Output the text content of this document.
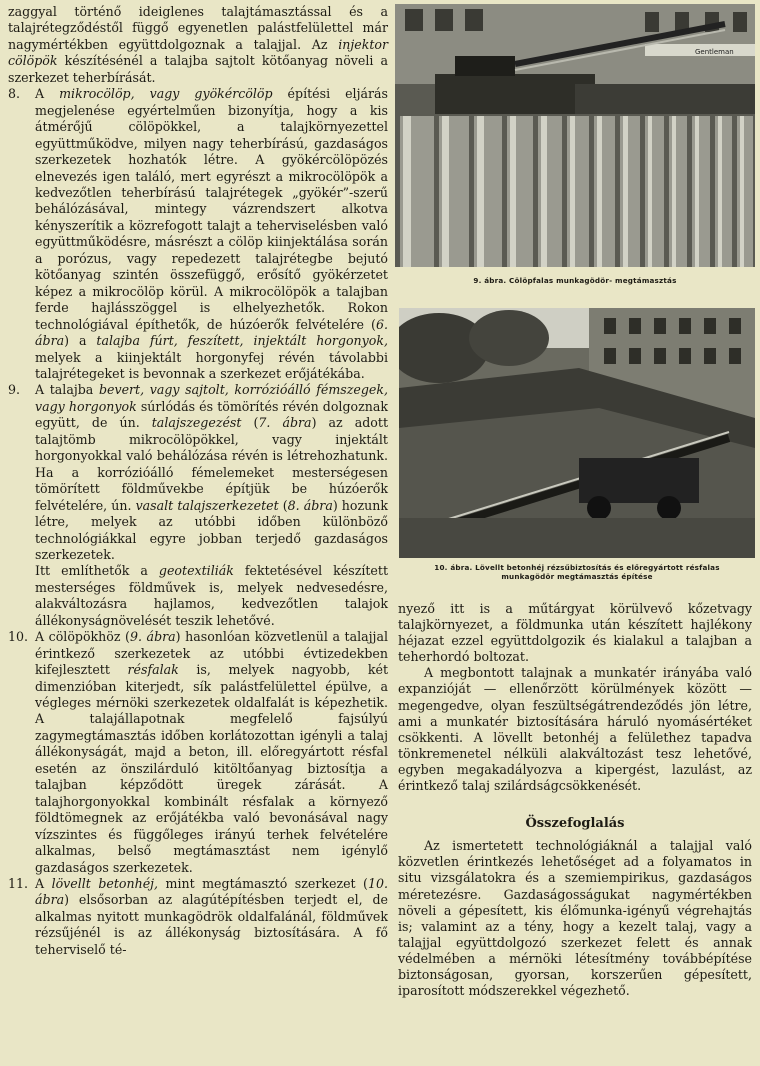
zaggyal történő ideiglenes talajtámasztással és a talajrétegződéstől függő egyenetlen palástfelülettel már nagymértékben együttdolgoznak a talajjal. Az injektor cölöpök készítésénél a talajba sajtolt kötőanyag növeli a szerkezet teherbírását.

8. A mikrocölöp, vagy gyökércölöp építési eljárás megjelenése egyértelműen bizonyítja, hogy a kis átmérőjű cölöpökkel, a talajkörnyezettel együttműködve, milyen nagy teherbírású, gazdaságos szerkezetek hozhatók létre. A gyökércölöpözés elnevezés igen találó, mert egyrészt a mikrocölöpök a kedvezőtlen teherbírású talajrétegek „gyökér”-szerű behálózásával, mintegy vázrendszert alkotva kényszerítik a közrefogott talajt a teherviselésben való együttműködésre, másrészt a cölöp kiinjektálása során a porózus, vagy repedezett talajrétegbe bejutó kötőanyag szintén összefüggő, erősítő gyökérzetet képez a mikrocölöp körül. A mikrocölöpök a talajban ferde hajlásszöggel is elhelyezhetők. Rokon technológiával építhetők, de húzóerők felvételére (6. ábra) a talajba fúrt, feszített, injektált horgonyok, melyek a kiinjektált horgonyfej révén távolabbi talajrétegeket is bevonnak a szerkezet erőjátékába.

9. A talajba bevert, vagy sajtolt, korrózióálló fémszegek, vagy horgonyok súrlódás és tömörítés révén dolgoznak együtt, de ún. talajszegezést (7. ábra) az adott talajtömb mikrocölöpökkel, vagy injektált horgonyokkal való behálózása révén is létrehozhatunk. Ha a korrózióálló fémelemeket mesterségesen tömörített földművekbe építjük be húzóerők felvételére, ún. vasalt talajszerkezetet (8. ábra) hozunk létre, melyek az utóbbi időben különböző technológiákkal egyre jobban terjedő gazdaságos szerkezetek.

Itt említhetők a geotextiliák fektetésével készített mesterséges földművek is, melyek nedvesedésre, alakváltozásra hajlamos, kedvezőtlen talajok állékonyságnövelését teszik lehetővé.

10. A cölöpökhöz (9. ábra) hasonlóan közvetlenül a talajjal érintkező szerkezetek az utóbbi évtizedekben kifejlesztett résfalak is, melyek nagyobb, két dimenzióban kiterjedt, sík palástfelülettel épülve, a végleges mérnöki szerkezetek oldalfalát is képezhetik. A talajállapotnak megfelelő fajsúlyú zagymegtámasztás időben korlátozottan igényli a talaj állékonyságát, majd a beton, ill. előregyártott résfal esetén az önszilárduló kitöltőanyag biztosítja a talajban képződött üregek zárását. A talajhorgonyokkal kombinált résfalak a környező földtömegnek az erőjátékba való bevonásával nagy vízszintes és függőleges irányú terhek felvételére alkalmas, belső megtámasztást nem igénylő gazdaságos szerkezetek.

11. A lövellt betonhéj, mint megtámasztó szerkezet (10. ábra) elsősorban az alagútépítésben terjedt el, de alkalmas nyitott munkagödrök oldalfalánál, földművek rézsűjénél is az állékonyság biztosítására. A fő teherviselő té-

Gentleman
9. ábra. Cölöpfalas munkagödör- megtámasztás
10. ábra. Lövellt betonhéj rézsűbiztosítás és előregyártott résfalas
munkagödör megtámasztás építése

nyező itt is a műtárgyat körülvevő kőzetvagy talajkörnyezet, a földmunka után készített hajlékony héjazat ezzel együttdolgozik és kialakul a talajban a teherhordó boltozat.

A megbontott talajnak a munkatér irányába való expanzióját — ellenőrzött körülmények között — megengedve, olyan feszültségátrendeződés jön létre, ami a munkatér biztosítására háruló nyomásértéket csökkenti. A lövellt betonhéj a felülethez tapadva tönkremenetel nélküli alakváltozást tesz lehetővé, egyben megakadályozva a kipergést, lazulást, az érintkező talaj szilárdságcsökkenését.

Összefoglalás

Az ismertetett technológiáknál a talajjal való közvetlen érintkezés lehetőséget ad a folyamatos in situ vizsgálatokra és a szemiempirikus, gazdaságos méretezésre. Gazdaságosságukat nagymértékben növeli a gépesített, kis élőmunka-igényű végrehajtás is; valamint az a tény, hogy a kezelt talaj, vagy a talajjal együttdolgozó szerkezet felett és annak védelmében a mérnöki létesítmény továbbépítése biztonságosan, gyorsan, korszerűen gépesített, iparosított módszerekkel végezhető.
